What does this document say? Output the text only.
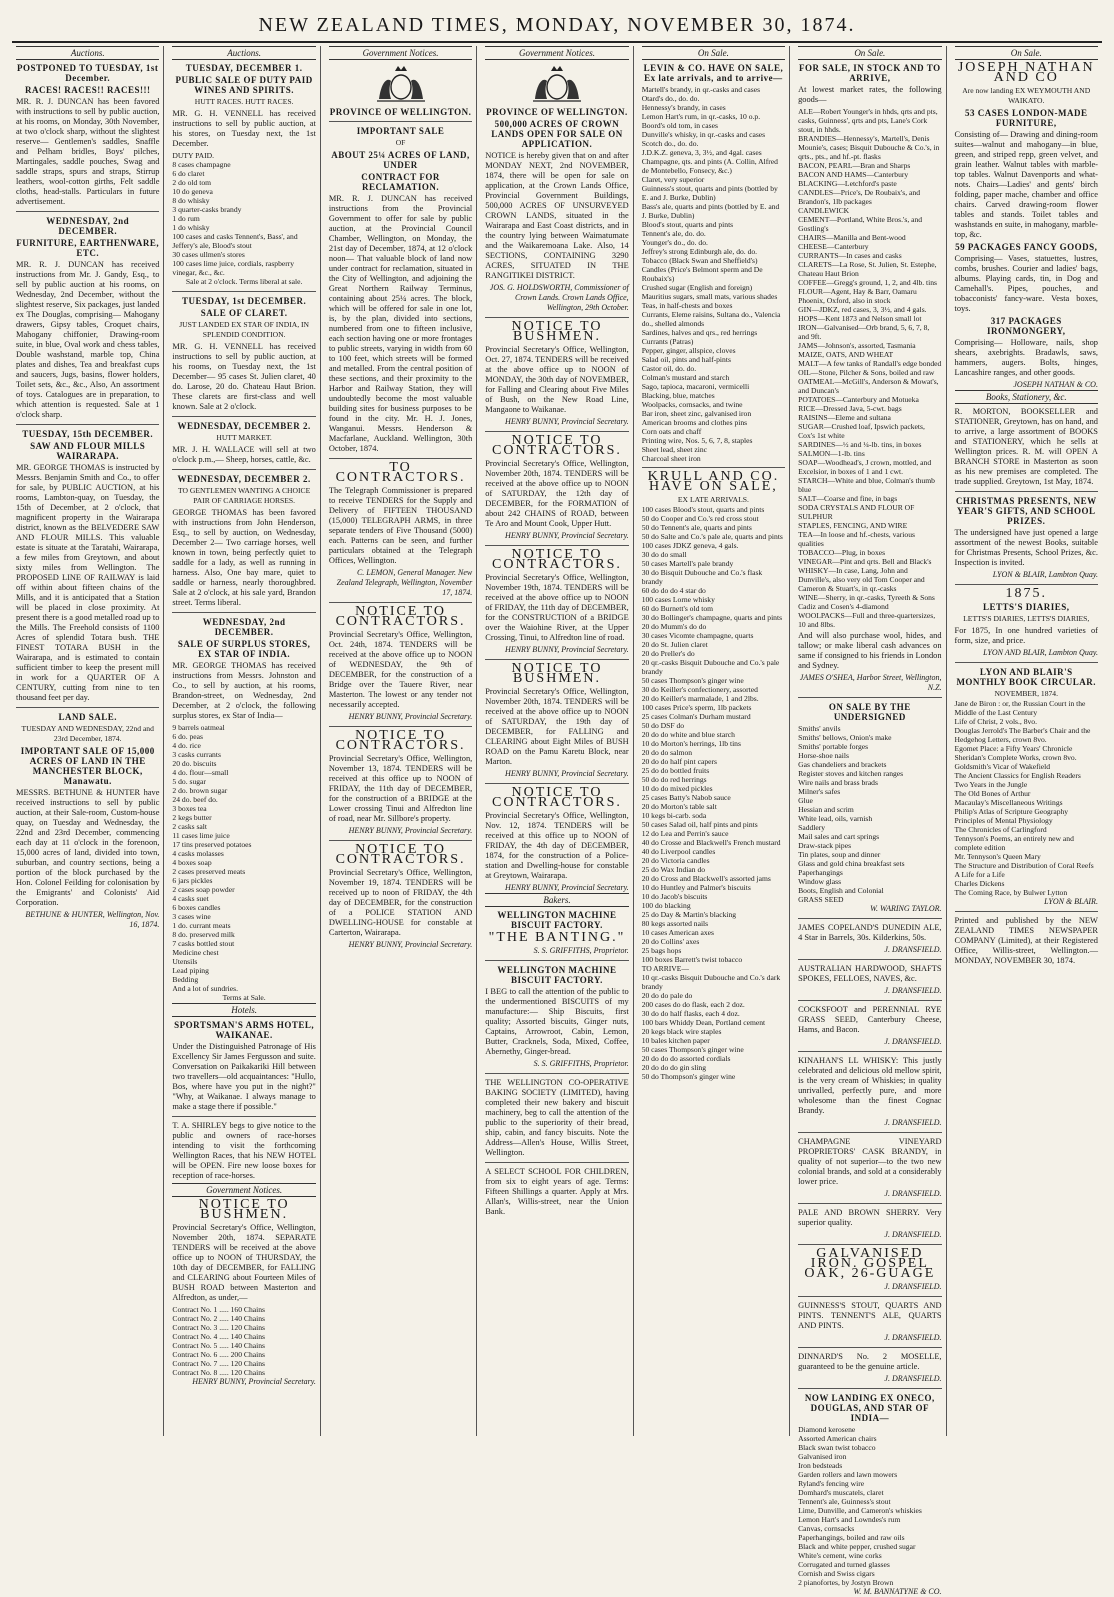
NEW ZEALAND TIMES, MONDAY, NOVEMBER 30, 1874.
Auctions.
POSTPONED TO TUESDAY, 1st December.
RACES! RACES!! RACES!!!

MR. R. J. DUNCAN has been favored with instructions to sell by public auction, at his rooms, on Monday, 30th November, at two o'clock sharp, without the slightest reserve— Gentlemen's saddles, Snaffle and Pelham bridles, Boys' pilches, Martingales, saddle pouches, Swag and saddle straps, spurs and straps, Stirrup leathers, wool-cotton girths, Felt saddle cloths, head-stalls. Particulars in future advertisement.

WEDNESDAY, 2nd DECEMBER.
FURNITURE, EARTHENWARE, ETC.

MR. R. J. DUNCAN has received instructions from Mr. J. Gandy, Esq., to sell by public auction at his rooms, on Wednesday, 2nd December, without the slightest reserve, Six packages, just landed ex The Douglas, comprising— Mahogany drawers, Gipsy tables, Croquet chairs, Mahogany chiffonier, Drawing-room suite, in blue, Oval work and chess tables, Double washstand, marble top, China plates and dishes, Tea and breakfast cups and saucers, Jugs, basins, flower holders, Toilet sets, &c., &c., Also, An assortment of toys. Catalogues are in preparation, to which attention is requested. Sale at 1 o'clock sharp.

TUESDAY, 15th DECEMBER.
SAW AND FLOUR MILLS WAIRARAPA.

MR. GEORGE THOMAS is instructed by Messrs. Benjamin Smith and Co., to offer for sale, by PUBLIC AUCTION, at his rooms, Lambton-quay, on Tuesday, the 15th of December, at 2 o'clock, that magnificent property in the Wairarapa district, known as the BELVEDERE SAW AND FLOUR MILLS. This valuable estate is situate at the Taratahi, Wairarapa, a few miles from Greytown, and about sixty miles from Wellington. The PROPOSED LINE OF RAILWAY is laid off within about fifteen chains of the Mills, and it is anticipated that a Station will be placed in close proximity. At present there is a good metalled road up to the Mills. The Freehold consists of 1100 Acres of splendid Totara bush. THE FINEST TOTARA BUSH in the Wairarapa, and is estimated to contain sufficient timber to keep the present mill in work for a QUARTER OF A CENTURY, cutting from nine to ten thousand feet per day.

LAND SALE.
TUESDAY AND WEDNESDAY, 22nd and 23rd December, 1874.
IMPORTANT SALE OF 15,000 ACRES OF LAND IN THE MANCHESTER BLOCK, Manawatu.

MESSRS. BETHUNE & HUNTER have received instructions to sell by public auction, at their Sale-room, Custom-house quay, on Tuesday and Wednesday, the 22nd and 23rd December, commencing each day at 11 o'clock in the forenoon, 15,000 acres of land, divided into town, suburban, and country sections, being a portion of the block purchased by the Hon. Colonel Feilding for colonisation by the Emigrants' and Colonists' Aid Corporation.

BETHUNE & HUNTER, Wellington, Nov. 16, 1874.
Auctions.
TUESDAY, DECEMBER 1.
PUBLIC SALE OF DUTY PAID WINES AND SPIRITS.
HUTT RACES. HUTT RACES.

MR. G. H. VENNELL has received instructions to sell by public auction, at his stores, on Tuesday next, the 1st December.

DUTY PAID.
8 cases champagne
6 do claret
2 do old tom
10 do geneva
8 do whisky
3 quarter-casks brandy
1 do rum
1 do whisky
100 cases and casks Tennent's, Bass', and Jeffery's ale, Blood's stout
30 cases ullmen's stores
100 cases lime juice, cordials, raspberry vinegar, &c., &c.
Sale at 2 o'clock. Terms liberal at sale.
TUESDAY, 1st DECEMBER.
SALE OF CLARET.
JUST LANDED EX STAR OF INDIA, IN SPLENDID CONDITION.

MR. G. H. VENNELL has received instructions to sell by public auction, at his rooms, on Tuesday next, the 1st December— 95 cases St. Julien claret, 40 do. Larose, 20 do. Chateau Haut Brion. These clarets are first-class and well known. Sale at 2 o'clock.

WEDNESDAY, DECEMBER 2.
HUTT MARKET.

MR. J. H. WALLACE will sell at two o'clock p.m.,— Sheep, horses, cattle, &c.

WEDNESDAY, DECEMBER 2.
TO GENTLEMEN WANTING A CHOICE PAIR OF CARRIAGE HORSES.

GEORGE THOMAS has been favored with instructions from John Henderson, Esq., to sell by auction, on Wednesday, December 2— Two carriage horses, well known in town, being perfectly quiet to saddle for a lady, as well as running in harness. Also, One bay mare, quiet to saddle or harness, nearly thoroughbred. Sale at 2 o'clock, at his sale yard, Brandon street. Terms liberal.

WEDNESDAY, 2nd DECEMBER.
SALE OF SURPLUS STORES, EX STAR OF INDIA.

MR. GEORGE THOMAS has received instructions from Messrs. Johnston and Co., to sell by auction, at his rooms, Brandon-street, on Wednesday, 2nd December, at 2 o'clock, the following surplus stores, ex Star of India—

9 barrels oatmeal
6 do. peas
4 do. rice
3 casks currants
20 do. biscuits
4 do. flour—small
5 do. sugar
2 do. brown sugar
24 do. beef do.
3 boxes tea
2 kegs butter
2 casks salt
11 cases lime juice
17 tins preserved potatoes
4 casks molasses
4 boxes soap
2 cases preserved meats
6 jars pickles
2 cases soap powder
4 casks suet
6 boxes candles
3 cases wine
1 do. currant meats
8 do. preserved milk
7 casks bottled stout
Medicine chest
Utensils
Lead piping
Bedding
And a lot of sundries.
Terms at Sale.
Hotels.
SPORTSMAN'S ARMS HOTEL, WAIKANAE.

Under the Distinguished Patronage of His Excellency Sir James Fergusson and suite. Conversation on Paikakariki Hill between two travellers—old acquaintances: "Hullo, Bos, where have you put in the night?" "Why, at Waikanae. I always manage to make a stage there if possible."

T. A. SHIRLEY begs to give notice to the public and owners of race-horses intending to visit the forthcoming Wellington Races, that his NEW HOTEL will be OPEN. Fire new loose boxes for reception of race-horses.

Government Notices.
NOTICE TO BUSHMEN.

Provincial Secretary's Office, Wellington, November 20th, 1874. SEPARATE TENDERS will be received at the above office up to NOON of THURSDAY, the 10th day of DECEMBER, for FALLING and CLEARING about Fourteen Miles of BUSH ROAD between Masterton and Alfredton, as under,—

Contract No. 1 ..... 160 Chains
Contract No. 2 ..... 140 Chains
Contract No. 3 ..... 120 Chains
Contract No. 4 ..... 140 Chains
Contract No. 5 ..... 140 Chains
Contract No. 6 ..... 200 Chains
Contract No. 7 ..... 120 Chains
Contract No. 8 ..... 120 Chains
HENRY BUNNY, Provincial Secretary.
Government Notices.
PROVINCE OF WELLINGTON.
IMPORTANT SALE
OF
ABOUT 25¼ ACRES OF LAND, UNDER
CONTRACT FOR RECLAMATION.

MR. R. J. DUNCAN has received instructions from the Provincial Government to offer for sale by public auction, at the Provincial Council Chamber, Wellington, on Monday, the 21st day of December, 1874, at 12 o'clock noon— That valuable block of land now under contract for reclamation, situated in the City of Wellington, and adjoining the Great Northern Railway Terminus, containing about 25¼ acres. The block, which will be offered for sale in one lot, is, by the plan, divided into sections, numbered from one to fifteen inclusive, each section having one or more frontages to public streets, varying in width from 60 to 100 feet, which streets will be formed and metalled. From the central position of these sections, and their proximity to the Harbor and Railway Station, they will undoubtedly become the most valuable building sites for business purposes to be found in the city. Mr. H. J. Jones, Wanganui. Messrs. Henderson & Macfarlane, Auckland. Wellington, 30th October, 1874.

TO CONTRACTORS.

The Telegraph Commissioner is prepared to receive TENDERS for the Supply and Delivery of FIFTEEN THOUSAND (15,000) TELEGRAPH ARMS, in three separate tenders of Five Thousand (5000) each. Patterns can be seen, and further particulars obtained at the Telegraph Offices, Wellington.

C. LEMON, General Manager. New Zealand Telegraph, Wellington, November 17, 1874.
NOTICE TO CONTRACTORS.

Provincial Secretary's Office, Wellington, Oct. 24th, 1874. TENDERS will be received at the above office up to NOON of WEDNESDAY, the 9th of DECEMBER, for the construction of a Bridge over the Tauere River, near Masterton. The lowest or any tender not necessarily accepted.

HENRY BUNNY, Provincial Secretary.
NOTICE TO CONTRACTORS.

Provincial Secretary's Office, Wellington, November 13, 1874. TENDERS will be received at this office up to NOON of FRIDAY, the 11th day of DECEMBER, for the construction of a BRIDGE at the Lower crossing Tinui and Alfredton line of road, near Mr. Sillbore's property.

HENRY BUNNY, Provincial Secretary.
NOTICE TO CONTRACTORS.

Provincial Secretary's Office, Wellington, November 19, 1874. TENDERS will be received up to noon of FRIDAY, the 4th day of DECEMBER, for the construction of a POLICE STATION AND DWELLING-HOUSE for constable at Carterton, Wairarapa.

HENRY BUNNY, Provincial Secretary.
Government Notices.
PROVINCE OF WELLINGTON.
500,000 ACRES OF CROWN LANDS OPEN FOR SALE ON APPLICATION.

NOTICE is hereby given that on and after MONDAY NEXT, 2nd NOVEMBER, 1874, there will be open for sale on application, at the Crown Lands Office, Provincial Government Buildings, 500,000 ACRES OF UNSURVEYED CROWN LANDS, situated in the Wairarapa and East Coast districts, and in the country lying between Waimatumate and the Waikaremoana Lake. Also, 14 SECTIONS, CONTAINING 3290 ACRES, SITUATED IN THE RANGITIKEI DISTRICT.

JOS. G. HOLDSWORTH, Commissioner of Crown Lands. Crown Lands Office, Wellington, 29th October.
NOTICE TO BUSHMEN.

Provincial Secretary's Office, Wellington, Oct. 27, 1874. TENDERS will be received at the above office up to NOON of MONDAY, the 30th day of NOVEMBER, for Falling and Clearing about Five Miles of Bush, on the New Road Line, Mangaone to Waikanae.

HENRY BUNNY, Provincial Secretary.
NOTICE TO CONTRACTORS.

Provincial Secretary's Office, Wellington, November 20th, 1874. TENDERS will be received at the above office up to NOON of SATURDAY, the 12th day of DECEMBER, for the FORMATION of about 242 CHAINS of ROAD, between Te Aro and Mount Cook, Upper Hutt.

HENRY BUNNY, Provincial Secretary.
NOTICE TO CONTRACTORS.

Provincial Secretary's Office, Wellington, November 19th, 1874. TENDERS will be received at the above office up to NOON of FRIDAY, the 11th day of DECEMBER, for the CONSTRUCTION of a BRIDGE over the Waiohine River, at the Upper Crossing, Tinui, to Alfredton line of road.

HENRY BUNNY, Provincial Secretary.
NOTICE TO BUSHMEN.

Provincial Secretary's Office, Wellington, November 20th, 1874. TENDERS will be received at the above office up to NOON of SATURDAY, the 19th day of DECEMBER, for FALLING and CLEARING about Eight Miles of BUSH ROAD on the Pamu Karetu Block, near Marton.

HENRY BUNNY, Provincial Secretary.
NOTICE TO CONTRACTORS.

Provincial Secretary's Office, Wellington, Nov. 12, 1874. TENDERS will be received at this office up to NOON of FRIDAY, the 4th day of DECEMBER, 1874, for the construction of a Police-station and Dwelling-house for constable at Greytown, Wairarapa.

HENRY BUNNY, Provincial Secretary.
Bakers.
WELLINGTON MACHINE BISCUIT FACTORY.
"THE BANTING."
S. S. GRIFFITHS, Proprietor.
WELLINGTON MACHINE BISCUIT FACTORY.

I BEG to call the attention of the public to the undermentioned BISCUITS of my manufacture:— Ship Biscuits, first quality; Assorted biscuits, Ginger nuts, Captains, Arrowroot, Cabin, Lemon, Butter, Cracknels, Soda, Mixed, Coffee, Abernethy, Ginger-bread.

S. S. GRIFFITHS, Proprietor.

THE WELLINGTON CO-OPERATIVE BAKING SOCIETY (LIMITED), having completed their new bakery and biscuit machinery, beg to call the attention of the public to the superiority of their bread, ship, cabin, and fancy biscuits. Note the Address—Allen's House, Willis Street, Wellington.

A SELECT SCHOOL FOR CHILDREN, from six to eight years of age. Terms: Fifteen Shillings a quarter. Apply at Mrs. Allan's, Willis-street, near the Union Bank.

On Sale.
LEVIN & CO. HAVE ON SALE, Ex late arrivals, and to arrive—
Martell's brandy, in qr.-casks and cases
Otard's do., do. do.
Hennessy's brandy, in cases
Lemon Hart's rum, in qr.-casks, 10 o.p.
Boord's old tom, in cases
Dunville's whisky, in qr.-casks and cases
Scotch do., do. do.
J.D.K.Z. geneva, 3, 3½, and 4gal. cases
Champagne, qts. and pints (A. Collin, Alfred de Montebello, Fonsecy, &c.)
Claret, very superior
Guinness's stout, quarts and pints (bottled by E. and J. Burke, Dublin)
Bass's ale, quarts and pints (bottled by E. and J. Burke, Dublin)
Blood's stout, quarts and pints
Tennent's ale, do. do.
Younger's do., do. do.
Jeffrey's strong Edinburgh ale, do. do.
Tobacco (Black Swan and Sheffield's)
Candles (Price's Belmont sperm and De Roubaix's)
Crushed sugar (English and foreign)
Mauritius sugars, small mats, various shades
Teas, in half-chests and boxes
Currants, Eleme raisins, Sultana do., Valencia do., shelled almonds
Sardines, halves and qrs., red herrings
Currants (Patras)
Pepper, ginger, allspice, cloves
Salad oil, pints and half-pints
Castor oil, do. do.
Colman's mustard and starch
Sago, tapioca, macaroni, vermicelli
Blacking, blue, matches
Woolpacks, cornsacks, and twine
Bar iron, sheet zinc, galvanised iron
American brooms and clothes pins
Corn oats and chaff
Printing wire, Nos. 5, 6, 7, 8, staples
Sheet lead, sheet zinc
Charcoal sheet iron
KRULL AND CO. HAVE ON SALE,
EX LATE ARRIVALS.
100 cases Blood's stout, quarts and pints
50 do Cooper and Co.'s red cross stout
50 do Tennent's ale, quarts and pints
50 do Salte and Co.'s pale ale, quarts and pints
100 cases JDKZ geneva, 4 gals.
30 do do small
50 cases Martell's pale brandy
30 do Bisquit Dubouche and Co.'s flask brandy
60 do do do 4 star do
100 cases Lorne whisky
60 do Burnett's old tom
30 do Bollinger's champagne, quarts and pints
20 do Mumm's do do
30 cases Vicomte champagne, quarts
20 do St. Julien claret
20 do Preller's do
20 qr.-casks Bisquit Dubouche and Co.'s pale brandy
50 cases Thompson's ginger wine
30 do Keiller's confectionery, assorted
20 do Keiller's marmalade, 1 and 2lbs.
100 cases Price's sperm, 1lb packets
25 cases Colman's Durham mustard
50 do DSF do
20 do do white and blue starch
10 do Morton's herrings, 1lb tins
20 do do salmon
20 do do half pint capers
25 do do bottled fruits
50 do do red herrings
10 do do mixed pickles
25 cases Batty's Nabob sauce
20 do Morton's table salt
10 kegs bi-carb. soda
50 cases Salad oil, half pints and pints
12 do Lea and Perrin's sauce
40 do Crosse and Blackwell's French mustard
40 do Liverpool candles
20 do Victoria candles
25 do Wax Indian do
20 do Cross and Blackwell's assorted jams
10 do Huntley and Palmer's biscuits
10 do Jacob's biscuits
100 do blacking
25 do Day & Martin's blacking
80 kegs assorted nails
10 cases American axes
20 do Collins' axes
25 bags hops
100 boxes Barrett's twist tobacco
TO ARRIVE—
10 qr.-casks Bisquit Dubouche and Co.'s dark brandy
20 do do pale do
200 cases do do flask, each 2 doz.
30 do do half flasks, each 4 doz.
100 bars Whiddy Dean, Portland cement
20 kegs black wire staples
10 bales kitchen paper
50 cases Thompson's ginger wine
20 do do do assorted cordials
20 do do do gin sling
50 do Thompson's ginger wine
On Sale.
FOR SALE, IN STOCK AND TO ARRIVE,

At lowest market rates, the following goods—

ALE—Robert Younger's in hhds, qrts and pts, casks, Guinness', qrts and pts, Lane's Cork stout, in hhds.
BRANDIES—Hennessy's, Martell's, Denis Mounie's, cases; Bisquit Dubouche & Co.'s, in qrts., pts., and hf.-pt. flasks
BACON, PEARL—Bran and Sharps
BACON AND HAMS—Canterbury
BLACKING—Letchford's paste
CANDLES—Price's, De Roubaix's, and Brandon's, 1lb packages
CANDLEWICK
CEMENT—Portland, White Bros.'s, and Gostling's
CHAIRS—Manilla and Bent-wood
CHEESE—Canterbury
CURRANTS—In cases and casks
CLARETS—La Rose, St. Julien, St. Estephe, Chateau Haut Brion
COFFEE—Gregg's ground, 1, 2, and 4lb. tins
FLOUR—Agent, Hay & Barr, Oamaru Phoenix, Oxford, also in stock
GIN—JDKZ, red cases, 3, 3½, and 4 gals.
HOPS—Kent 1873 and Nelson small lot
IRON—Galvanised—Orb brand, 5, 6, 7, 8, and 9ft.
JAMS—Johnson's, assorted, Tasmania
MAIZE, OATS, AND WHEAT
MALT—A few tanks of Randall's edge bonded
OIL—Stone, Pilcher & Sons, boiled and raw
OATMEAL—McGill's, Anderson & Mowat's, and Duncan's
POTATOES—Canterbury and Motueka
RICE—Dressed Java, 5-cwt. bags
RAISINS—Eleme and sultana
SUGAR—Crushed loaf, Ipswich packets, Cox's 1st white
SARDINES—½ and ¼-lb. tins, in boxes
SALMON—1-lb. tins
SOAP—Woodhead's, J crown, mottled, and Excelsior, in boxes of 1 and 1 cwt.
STARCH—White and blue, Colman's thumb blue
SALT—Coarse and fine, in bags
SODA CRYSTALS AND FLOUR OF SULPHUR
STAPLES, FENCING, AND WIRE
TEA—In loose and hf.-chests, various qualities
TOBACCO—Plug, in boxes
VINEGAR—Pint and qrts. Bell and Black's
WHISKY—In case, Lang, John and Dunville's, also very old Tom Cooper and Cameron & Stuart's, in qr.-casks
WINE—Sherry, in qr.-casks, Tyreeth & Sons Cadiz and Cosen's 4-diamond
WOOLPACKS—Full and three-quartersizes, 10 and 8lbs.

And will also purchase wool, hides, and tallow; or make liberal cash advances on same if consigned to his friends in London and Sydney.

JAMES O'SHEA, Harbor Street, Wellington, N.Z.
ON SALE BY THE UNDERSIGNED
Smiths' anvils
Smiths' bellows, Onion's make
Smiths' portable forges
Horse-shoe nails
Gas chandeliers and brackets
Register stoves and kitchen ranges
Wire nails and brass brads
Milner's safes
Glue
Hessian and scrim
White lead, oils, varnish
Saddlery
Mail sales and cart springs
Draw-stack pipes
Tin plates, soup and dinner
Glass and gold china breakfast sets
Paperhangings
Window glass
Boots, English and Colonial
GRASS SEED
W. WARING TAYLOR.

JAMES COPELAND'S DUNEDIN ALE, 4 Star in Barrels, 30s. Kilderkins, 50s.

J. DRANSFIELD.

AUSTRALIAN HARDWOOD, SHAFTS SPOKES, FELLOES, NAVES, &c.

J. DRANSFIELD.

COCKSFOOT and PERENNIAL RYE GRASS SEED, Canterbury Cheese, Hams, and Bacon.

J. DRANSFIELD.

KINAHAN'S LL WHISKY: This justly celebrated and delicious old mellow spirit, is the very cream of Whiskies; in quality unrivalled, perfectly pure, and more wholesome than the finest Cognac Brandy.

J. DRANSFIELD.

CHAMPAGNE VINEYARD PROPRIETORS' CASK BRANDY, in quality of not superior—to the two new colonial brands, and sold at a considerably lower price.

J. DRANSFIELD.

PALE AND BROWN SHERRY. Very superior quality.

J. DRANSFIELD.
GALVANISED IRON. GOSPEL OAK, 26-GUAGE
J. DRANSFIELD.

GUINNESS'S STOUT, QUARTS AND PINTS. TENNENT'S ALE, QUARTS AND PINTS.

J. DRANSFIELD.

DINNARD'S No. 2 MOSELLE, guaranteed to be the genuine article.

J. DRANSFIELD.
NOW LANDING EX ONECO, DOUGLAS, AND STAR OF INDIA—
Diamond kerosene
Assorted American chairs
Black swan twist tobacco
Galvanised iron
Iron bedsteads
Garden rollers and lawn mowers
Ryland's fencing wire
Domhard's muscatels, claret
Tennent's ale, Guinness's stout
Lime, Dunville, and Cameron's whiskies
Lemon Hart's and Lowndes's rum
Canvas, cornsacks
Paperhangings, boiled and raw oils
Black and white pepper, crushed sugar
White's cement, wine corks
Corrugated and turned glasses
Cornish and Swiss cigars
2 pianofortes, by Jostyn Brown
W. M. BANNATYNE & CO.
On Sale.
JOSEPH NATHAN AND CO
Are now landing EX WEYMOUTH AND WAIKATO.
53 CASES LONDON-MADE FURNITURE,

Consisting of— Drawing and dining-room suites—walnut and mahogany—in blue, green, and striped repp, green velvet, and grain leather. Walnut tables with marble-top tables. Walnut Davenports and what-nots. Chairs—Ladies' and gents' birch folding, paper mache, chamber and office chairs. Carved drawing-room flower tables and stands. Toilet tables and washstands en suite, in mahogany, marble-top, &c.

59 PACKAGES FANCY GOODS,

Comprising— Vases, statuettes, lustres, combs, brushes. Courier and ladies' bags, albums. Playing cards, tin, in Dog and Camehall's. Pipes, pouches, and tobacconists' fancy-ware. Vesta boxes, toys.

317 PACKAGES IRONMONGERY,

Comprising— Holloware, nails, shop shears, axebrights. Bradawls, saws, hammers, augers. Bolts, hinges, Lancashire ranges, and other goods.

JOSEPH NATHAN & CO.
Books, Stationery, &c.

R. MORTON, BOOKSELLER and STATIONER, Greytown, has on hand, and to arrive, a large assortment of BOOKS and STATIONERY, which he sells at Wellington prices. R. M. will OPEN A BRANCH STORE in Masterton as soon as his new premises are completed. The trade supplied. Greytown, 1st May, 1874.

CHRISTMAS PRESENTS, NEW YEAR'S GIFTS, AND SCHOOL PRIZES.

The undersigned have just opened a large assortment of the newest Books, suitable for Christmas Presents, School Prizes, &c. Inspection is invited.

LYON & BLAIR, Lambton Quay.
1875.
LETTS'S DIARIES,
LETTS'S DIARIES, LETTS'S DIARIES,

For 1875, In one hundred varieties of form, size, and price.

LYON AND BLAIR, Lambton Quay.
LYON AND BLAIR'S MONTHLY BOOK CIRCULAR.
NOVEMBER, 1874.
Jane de Biron : or, the Russian Court in the Middle of the Last Century
Life of Christ, 2 vols., 8vo.
Douglas Jerrold's The Barber's Chair and the Hedgehog Letters, crown 8vo.
Egomet Place: a Fifty Years' Chronicle
Sheridan's Complete Works, crown 8vo.
Goldsmith's Vicar of Wakefield
The Ancient Classics for English Readers
Two Years in the Jungle
The Old Bones of Arthur
Macaulay's Miscellaneous Writings
Philip's Atlas of Scripture Geography
Principles of Mental Physiology
The Chronicles of Carlingford
Tennyson's Poems, an entirely new and complete edition
Mr. Tennyson's Queen Mary
The Structure and Distribution of Coral Reefs
A Life for a Life
Charles Dickens
The Coming Race, by Bulwer Lytton
LYON & BLAIR.

Printed and published by the NEW ZEALAND TIMES NEWSPAPER COMPANY (Limited), at their Registered Office, Willis-street, Wellington.—MONDAY, NOVEMBER 30, 1874.
